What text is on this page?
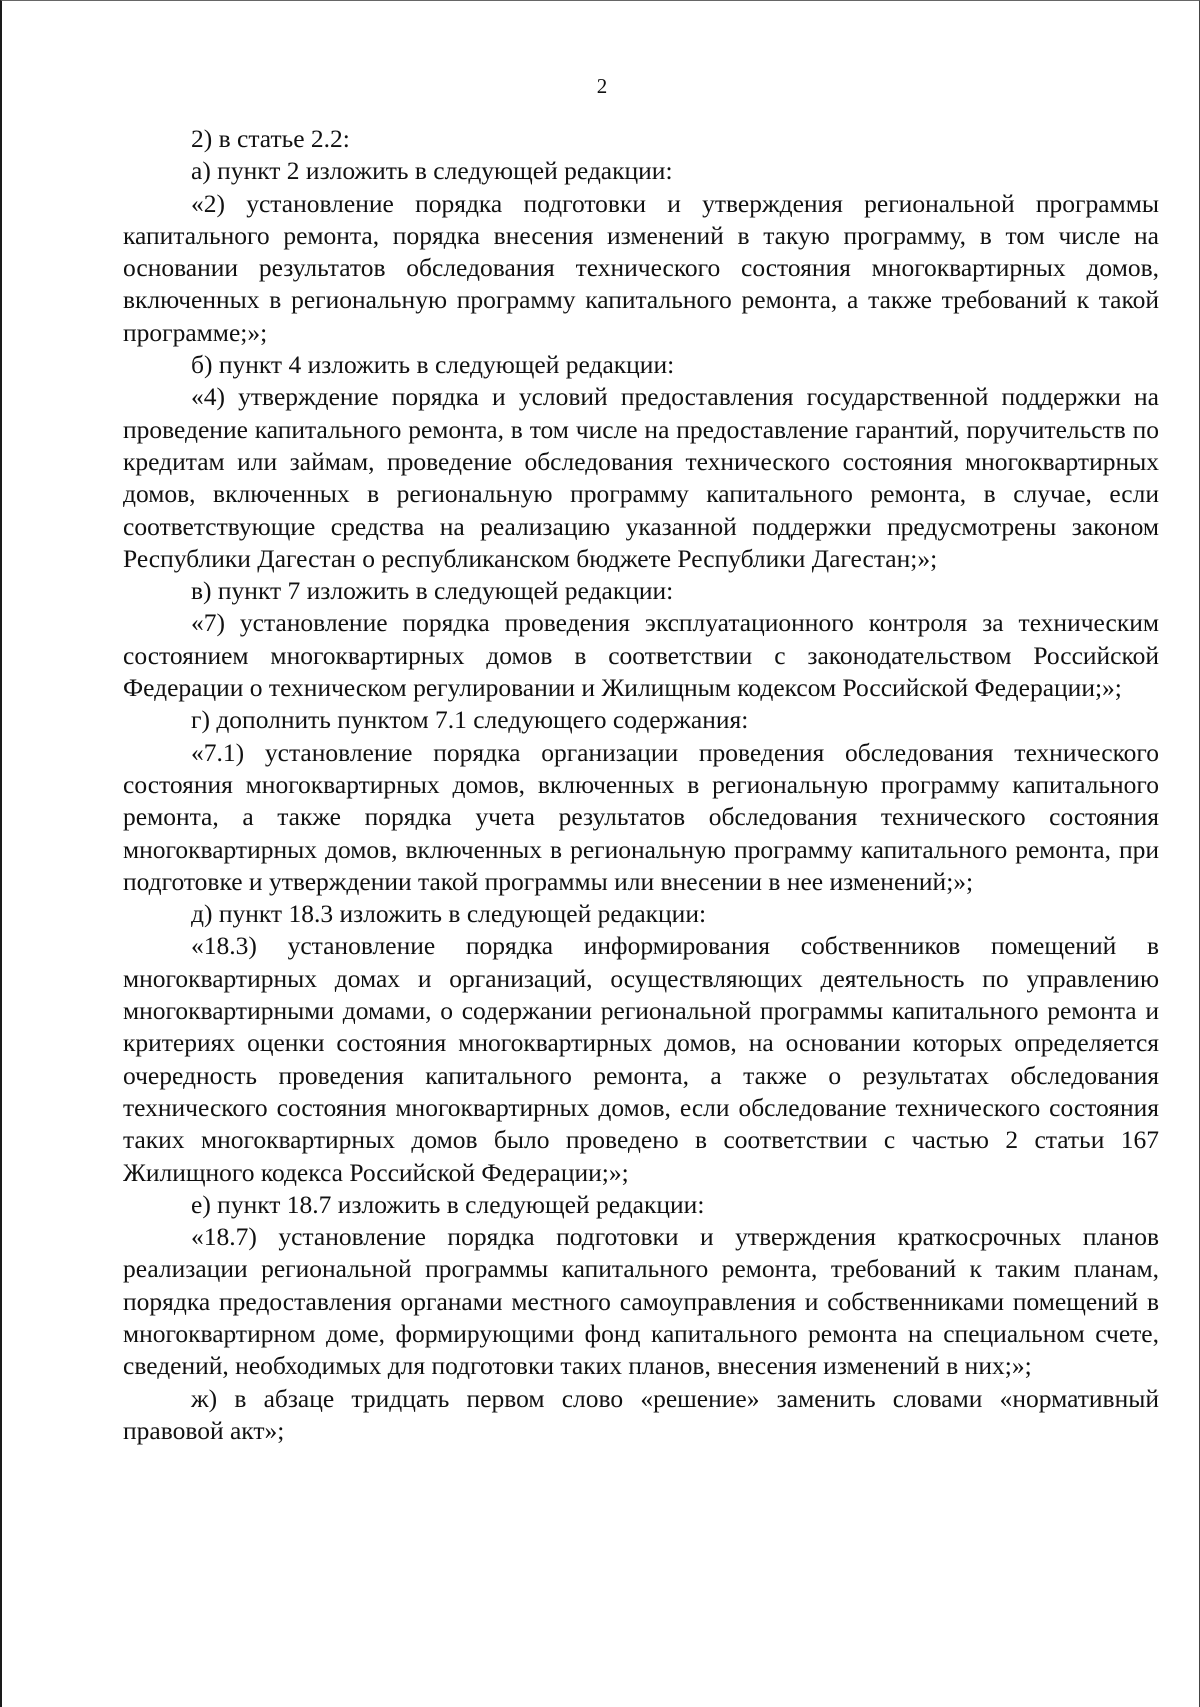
2

2) в статье 2.2:

а) пункт 2 изложить в следующей редакции:

«2) установление порядка подготовки и утверждения региональной программы капитального ремонта, порядка внесения изменений в такую программу, в том числе на основании результатов обследования технического состояния многоквартирных домов, включенных в региональную программу капитального ремонта, а также требований к такой программе;»;

б) пункт 4 изложить в следующей редакции:

«4) утверждение порядка и условий предоставления государственной поддержки на проведение капитального ремонта, в том числе на предоставление гарантий, поручительств по кредитам или займам, проведение обследования технического состояния многоквартирных домов, включенных в региональную программу капитального ремонта, в случае, если соответствующие средства на реализацию указанной поддержки предусмотрены законом Республики Дагестан о республиканском бюджете Республики Дагестан;»;

в) пункт 7 изложить в следующей редакции:

«7) установление порядка проведения эксплуатационного контроля за техническим состоянием многоквартирных домов в соответствии с законодательством Российской Федерации о техническом регулировании и Жилищным кодексом Российской Федерации;»;

г) дополнить пунктом 7.1 следующего содержания:

«7.1) установление порядка организации проведения обследования технического состояния многоквартирных домов, включенных в региональную программу капитального ремонта, а также порядка учета результатов обследования технического состояния многоквартирных домов, включенных в региональную программу капитального ремонта, при подготовке и утверждении такой программы или внесении в нее изменений;»;

д) пункт 18.3 изложить в следующей редакции:

«18.3) установление порядка информирования собственников помещений в многоквартирных домах и организаций, осуществляющих деятельность по управлению многоквартирными домами, о содержании региональной программы капитального ремонта и критериях оценки состояния многоквартирных домов, на основании которых определяется очередность проведения капитального ремонта, а также о результатах обследования технического состояния многоквартирных домов, если обследование технического состояния таких многоквартирных домов было проведено в соответствии с частью 2 статьи 167 Жилищного кодекса Российской Федерации;»;

е) пункт 18.7 изложить в следующей редакции:

«18.7) установление порядка подготовки и утверждения краткосрочных планов реализации региональной программы капитального ремонта, требований к таким планам, порядка предоставления органами местного самоуправления и собственниками помещений в многоквартирном доме, формирующими фонд капитального ремонта на специальном счете, сведений, необходимых для подготовки таких планов, внесения изменений в них;»;

ж) в абзаце тридцать первом слово «решение» заменить словами «нормативный правовой акт»;
